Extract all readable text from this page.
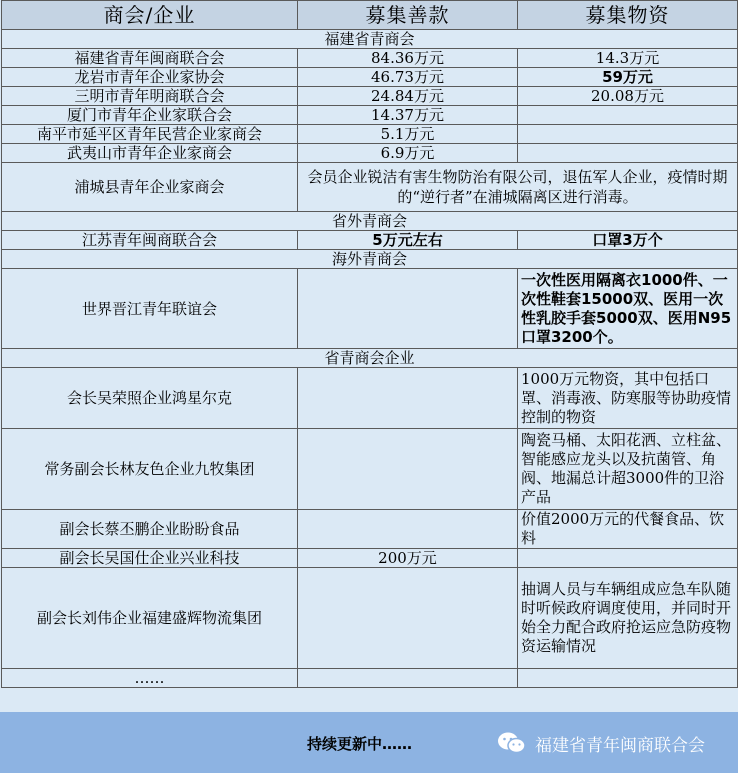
商会/企业	募集善款	募集物资
福建省青商会		
福建省青年闽商联合会	84.36万元	14.3万元
龙岩市青年企业家协会	46.73万元	59万元
三明市青年明商联合会	24.84万元	20.08万元
厦门市青年企业家联合会	14.37万元	
南平市延平区青年民营企业家商会	5.1万元	
武夷山市青年企业家商会	6.9万元	
浦城县青年企业家商会	会员企业锐洁有害生物防治有限公司，退伍军人企业，疫情时期的“逆行者”在浦城隔离区进行消毒。	
省外青商会		
江苏青年闽商联合会	5万元左右	口罩3万个
海外青商会		
世界晋江青年联谊会		一次性医用隔离衣1000件、一次性鞋套15000双、医用一次性乳胶手套5000双、医用N95口罩3200个。
省青商会企业		
会长吴荣照企业鸿星尔克		1000万元物资，其中包括口罩、消毒液、防寒服等协助疫情控制的物资
常务副会长林友色企业九牧集团		陶瓷马桶、太阳花洒、立柱盆、智能感应龙头以及抗菌管、角阀、地漏总计超3000件的卫浴产品
副会长蔡丕鹏企业盼盼食品		价值2000万元的代餐食品、饮料
副会长吴国仕企业兴业科技	200万元	
副会长刘伟企业福建盛辉物流集团		抽调人员与车辆组成应急车队随时听候政府调度使用，并同时开始全力配合政府抢运应急防疫物资运输情况
……		
持续更新中……	福建省青年闽商联合会
